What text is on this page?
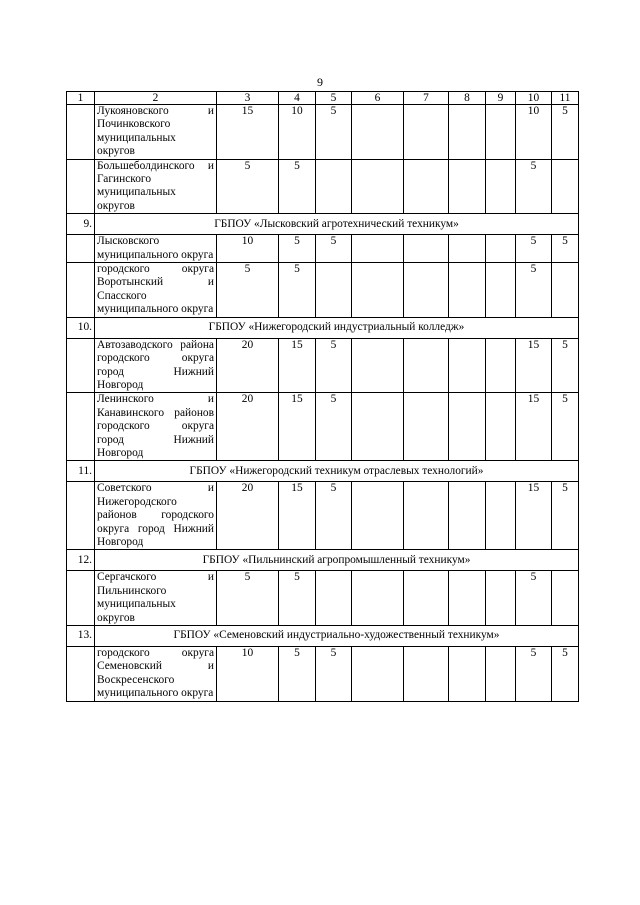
9
1	2	3	4	5	6	7	8	9	10	11
	Лукояновского и Починковского муниципальных округов	15	10	5					10	5
	Большеболдинского и Гагинского муниципальных округов	5	5						5	
9.	ГБПОУ «Лысковский агротехнический техникум»									
	Лысковского муниципального округа	10	5	5					5	5
	городского округа Воротынский и Спасского муниципального округа	5	5						5	
10.	ГБПОУ «Нижегородский индустриальный колледж»									
	Автозаводского района городского округа город Нижний Новгород	20	15	5					15	5
	Ленинского и Канавинского районов городского округа город Нижний Новгород	20	15	5					15	5
11.	ГБПОУ «Нижегородский техникум отраслевых технологий»									
	Советского и Нижегородского районов городского округа город Нижний Новгород	20	15	5					15	5
12.	ГБПОУ «Пильнинский агропромышленный техникум»									
	Сергачского и Пильнинского муниципальных округов	5	5						5	
13.	ГБПОУ «Семеновский индустриально-художественный техникум»									
	городского округа Семеновский и Воскресенского муниципального округа	10	5	5					5	5
